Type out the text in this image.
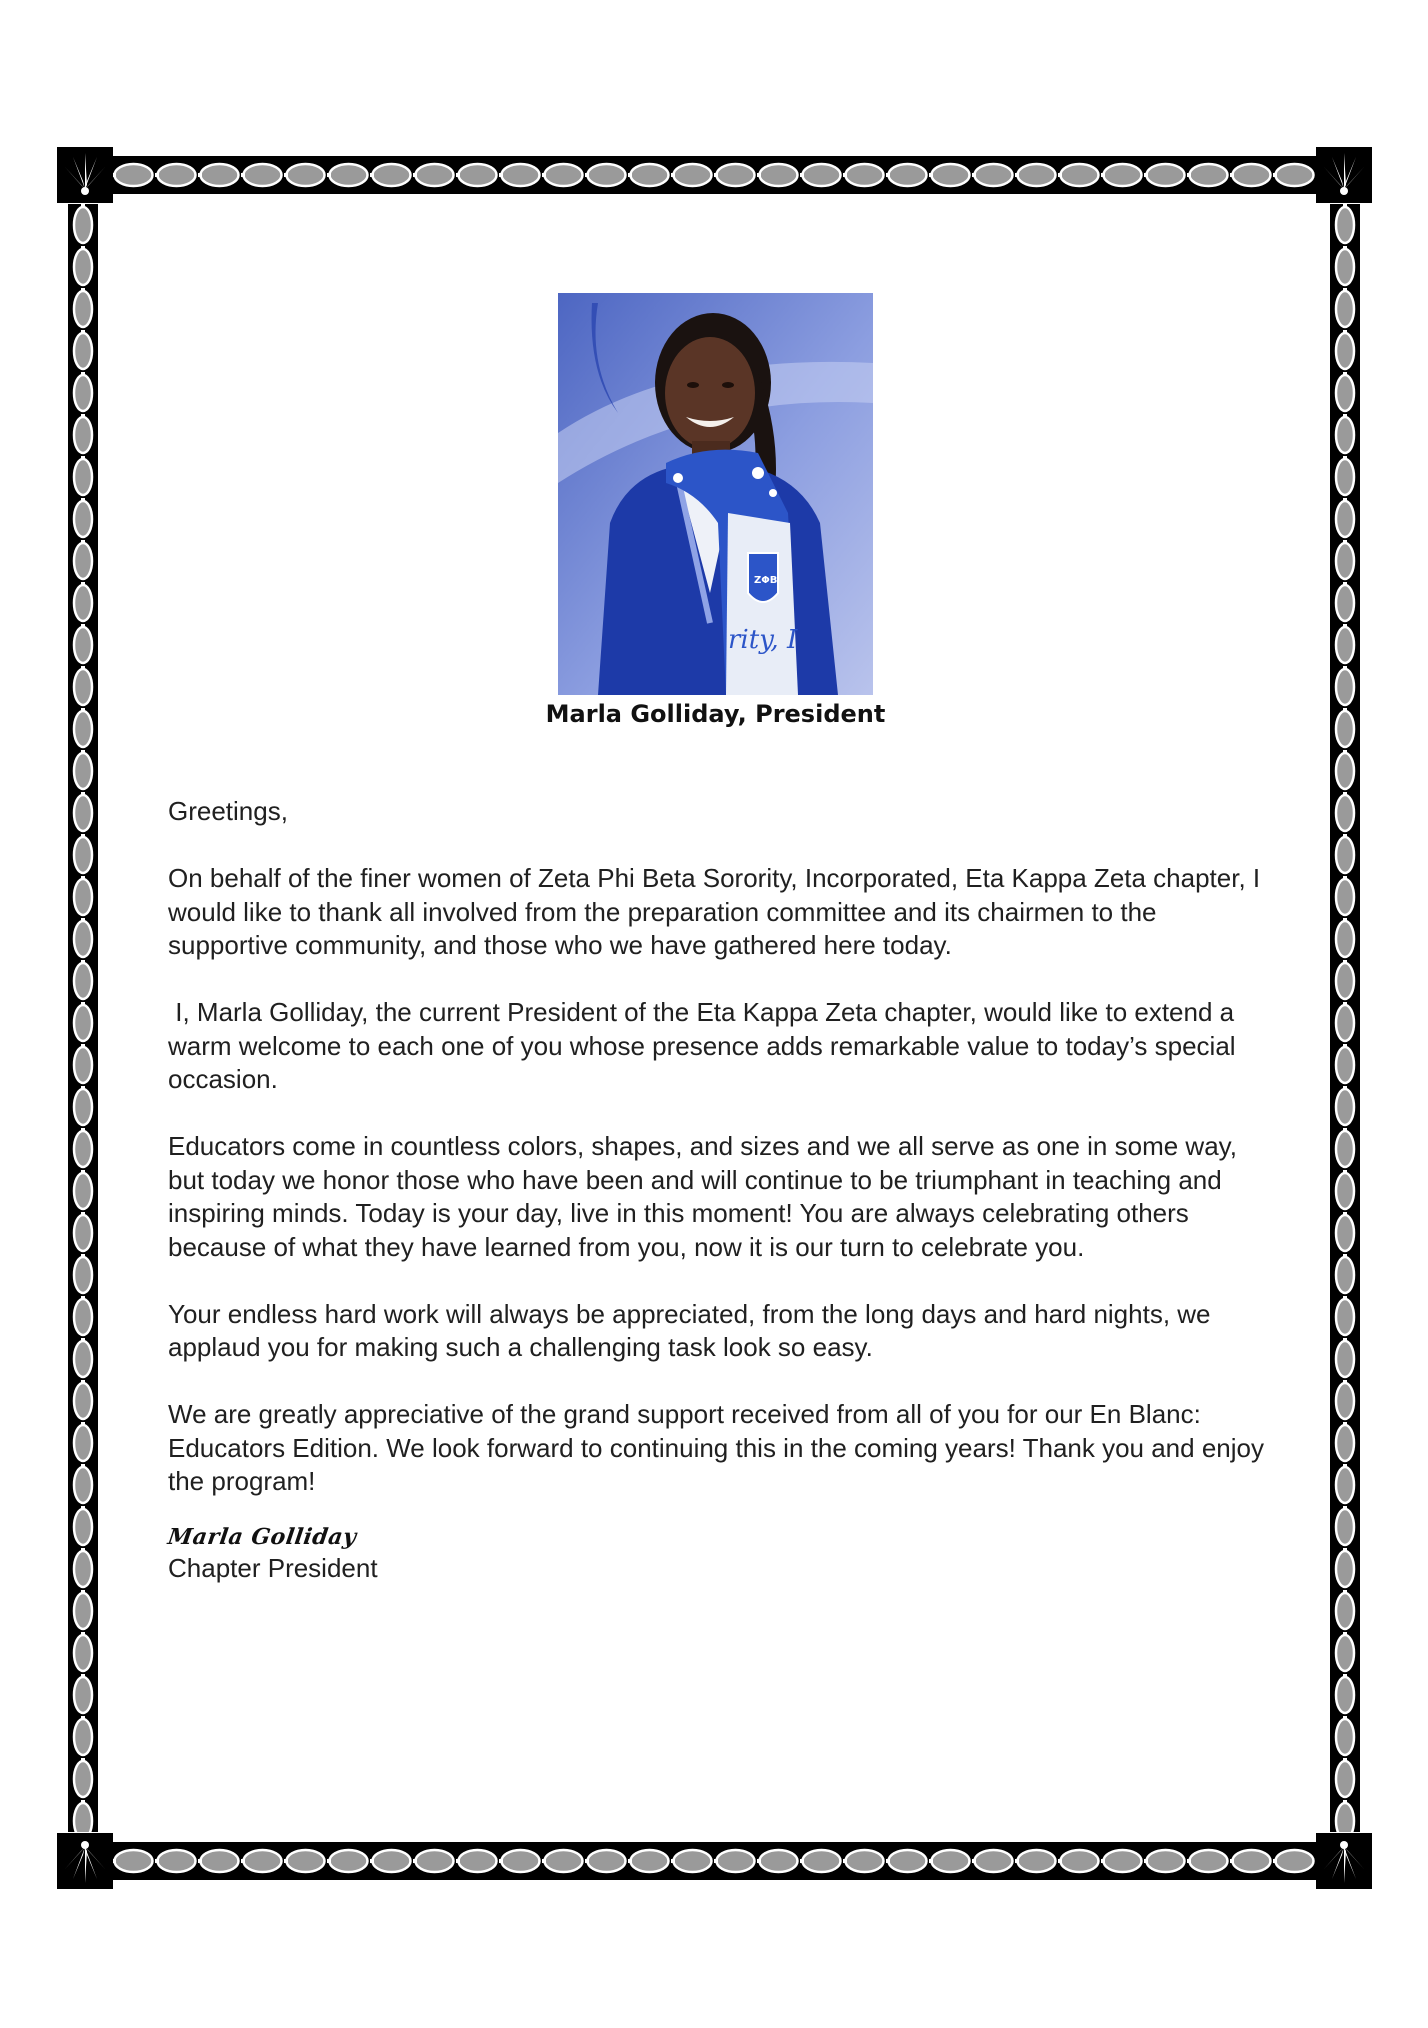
ZΦB
rity, I

Marla Golliday, President

Greetings,

On behalf of the finer women of Zeta Phi Beta Sorority, Incorporated, Eta Kappa Zeta chapter, I would like to thank all involved from the preparation committee and its chairmen to the supportive community, and those who we have gathered here today.

I, Marla Golliday, the current President of the Eta Kappa Zeta chapter, would like to extend a warm welcome to each one of you whose presence adds remarkable value to today’s special occasion.

Educators come in countless colors, shapes, and sizes and we all serve as one in some way, but today we honor those who have been and will continue to be triumphant in teaching and inspiring minds. Today is your day, live in this moment! You are always celebrating others because of what they have learned from you, now it is our turn to celebrate you.

Your endless hard work will always be appreciated, from the long days and hard nights, we applaud you for making such a challenging task look so easy.

We are greatly appreciative of the grand support received from all of you for our En Blanc: Educators Edition. We look forward to continuing this in the coming years! Thank you and enjoy the program!

Marla Golliday

Chapter President
